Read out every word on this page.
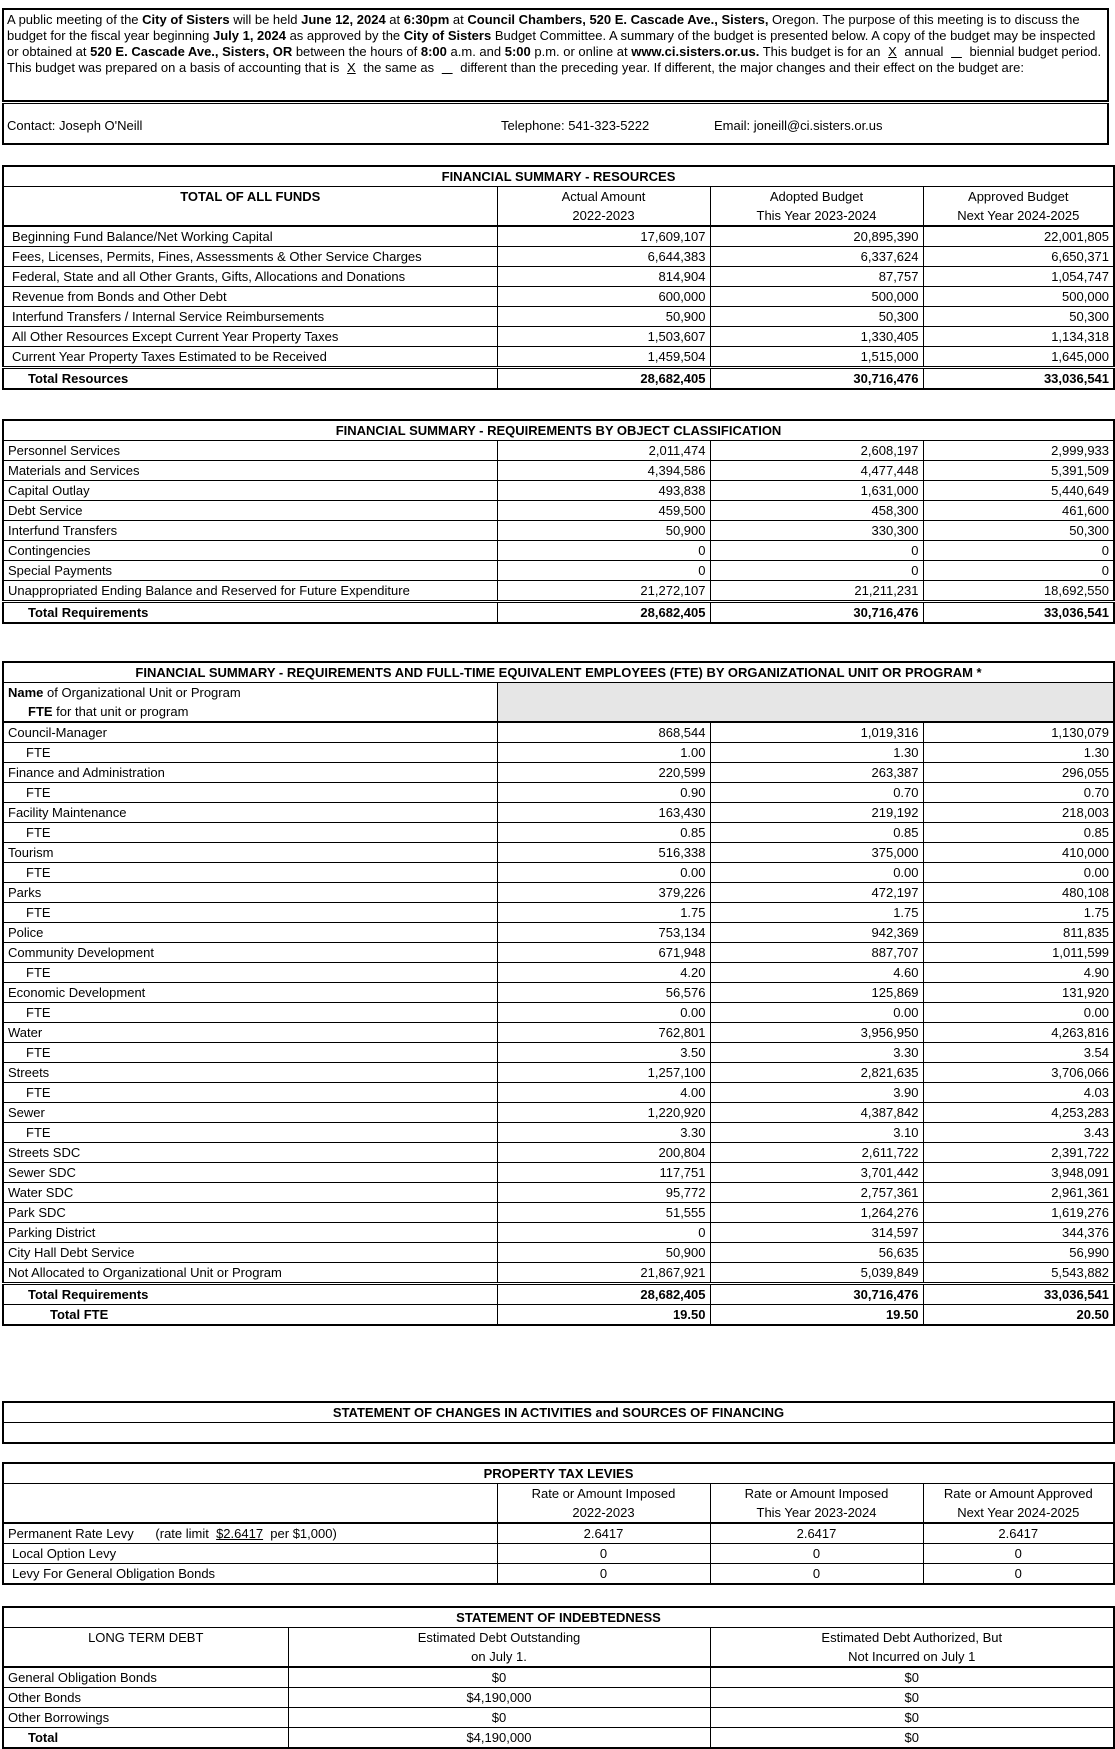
A public meeting of the City of Sisters will be held June 12, 2024 at 6:30pm at Council Chambers, 520 E. Cascade Ave., Sisters, Oregon. The purpose of this meeting is to discuss the budget for the fiscal year beginning July 1, 2024 as approved by the City of Sisters Budget Committee. A summary of the budget is presented below. A copy of the budget may be inspected or obtained at 520 E. Cascade Ave., Sisters, OR between the hours of 8:00 a.m. and 5:00 p.m. or online at www.ci.sisters.or.us. This budget is for an X annual     biennial budget period. This budget was prepared on a basis of accounting that is X the same as     different than the preceding year. If different, the major changes and their effect on the budget are:
Contact: Joseph O'Neill	Telephone: 541-323-5222	Email: joneill@ci.sisters.or.us
FINANCIAL SUMMARY - RESOURCES			
TOTAL OF ALL FUNDS	Actual Amount	Adopted Budget	Approved Budget
	2022-2023	This Year 2023-2024	Next Year 2024-2025
Beginning Fund Balance/Net Working Capital	17,609,107	20,895,390	22,001,805
Fees, Licenses, Permits, Fines, Assessments & Other Service Charges	6,644,383	6,337,624	6,650,371
Federal, State and all Other Grants, Gifts, Allocations and Donations	814,904	87,757	1,054,747
Revenue from Bonds and Other Debt	600,000	500,000	500,000
Interfund Transfers / Internal Service Reimbursements	50,900	50,300	50,300
All Other Resources Except Current Year Property Taxes	1,503,607	1,330,405	1,134,318
Current Year Property Taxes Estimated to be Received	1,459,504	1,515,000	1,645,000
Total Resources	28,682,405	30,716,476	33,036,541
FINANCIAL SUMMARY - REQUIREMENTS BY OBJECT CLASSIFICATION			
Personnel Services	2,011,474	2,608,197	2,999,933
Materials and Services	4,394,586	4,477,448	5,391,509
Capital Outlay	493,838	1,631,000	5,440,649
Debt Service	459,500	458,300	461,600
Interfund Transfers	50,900	330,300	50,300
Contingencies	0	0	0
Special Payments	0	0	0
Unappropriated Ending Balance and Reserved for Future Expenditure	21,272,107	21,211,231	18,692,550
Total Requirements	28,682,405	30,716,476	33,036,541
FINANCIAL SUMMARY - REQUIREMENTS AND FULL-TIME EQUIVALENT EMPLOYEES (FTE) BY ORGANIZATIONAL UNIT OR PROGRAM *			
Name of Organizational Unit or Program			
FTE for that unit or program			
Council-Manager	868,544	1,019,316	1,130,079
FTE	1.00	1.30	1.30
Finance and Administration	220,599	263,387	296,055
FTE	0.90	0.70	0.70
Facility Maintenance	163,430	219,192	218,003
FTE	0.85	0.85	0.85
Tourism	516,338	375,000	410,000
FTE	0.00	0.00	0.00
Parks	379,226	472,197	480,108
FTE	1.75	1.75	1.75
Police	753,134	942,369	811,835
Community Development	671,948	887,707	1,011,599
FTE	4.20	4.60	4.90
Economic Development	56,576	125,869	131,920
FTE	0.00	0.00	0.00
Water	762,801	3,956,950	4,263,816
FTE	3.50	3.30	3.54
Streets	1,257,100	2,821,635	3,706,066
FTE	4.00	3.90	4.03
Sewer	1,220,920	4,387,842	4,253,283
FTE	3.30	3.10	3.43
Streets SDC	200,804	2,611,722	2,391,722
Sewer SDC	117,751	3,701,442	3,948,091
Water SDC	95,772	2,757,361	2,961,361
Park SDC	51,555	1,264,276	1,619,276
Parking District	0	314,597	344,376
City Hall Debt Service	50,900	56,635	56,990
Not Allocated to Organizational Unit or Program	21,867,921	5,039,849	5,543,882
Total Requirements	28,682,405	30,716,476	33,036,541
Total FTE	19.50	19.50	20.50
STATEMENT OF CHANGES IN ACTIVITIES and SOURCES OF FINANCING

PROPERTY TAX LEVIES			
	Rate or Amount Imposed	Rate or Amount Imposed	Rate or Amount Approved
	2022-2023	This Year 2023-2024	Next Year 2024-2025
Permanent Rate Levy      (rate limit  $2.6417  per $1,000)	2.6417	2.6417	2.6417
Local Option Levy	0	0	0
Levy For General Obligation Bonds	0	0	0
STATEMENT OF INDEBTEDNESS		
LONG TERM DEBT	Estimated Debt Outstanding	Estimated Debt Authorized, But
	on July 1.	Not Incurred on July 1
General Obligation Bonds	$0	$0
Other Bonds	$4,190,000	$0
Other Borrowings	$0	$0
Total	$4,190,000	$0
